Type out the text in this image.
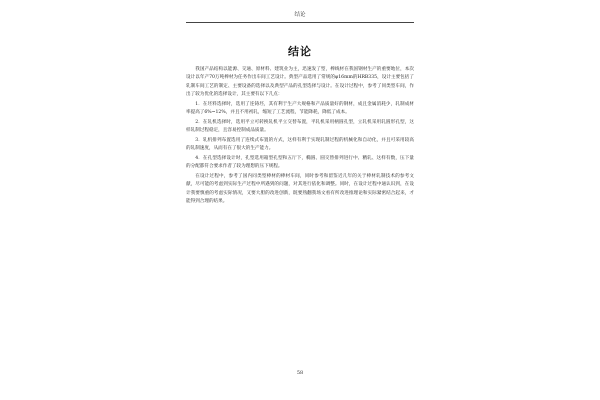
结论
结论

我国产品结构以能源、交通、原材料、建筑业为主，迅速发了型，棒线材在我国钢材生产的重要地位，本次设计以年产70万吨棒材为任务作出车间工艺设计。典型产品选用了常规的φ16mm的HRB335，设计主要包括了轧制车间工艺的制定、主要设备的选择以及典型产品的孔型选择与设计。在设计过程中，参考了同类型车间，作出了较为优化的选择设计，其主要有以下几点：

1．在坯料选择时，选用了连铸坯，其有利于生产大规格和产品质量好的钢材，成且金属消耗少，轧制成材率提高了6%~12%，并且不用初轧，缩短了工艺流程，节能降耗，降低了成本。

2．在轧机选择时，选用平立可转换轧机平立交替布置，平轧机采用柄圆孔型，立轧机采用轧圆形孔型，这样轧制过程稳定，且容易控制成品质量。

3．轧机排列布置选用了连续式布置的方式，这样有利于实现轧制过程的机械化和自动化，并且可采用较高的轧制速度，从而有在了很大的生产能力。

4．在孔型选择设计时，孔型选用箱型孔型和五厅下，椭圆、圆交替排列进行中、精轧、这样有数，压下量的分配都符合要求作者了较为理想的压下规程。

在设计过程中，参考了国内同类型棒材的棒材车间，同时参考和留鉴近几年的关于棒材轧制技术的参考文献，尽可能的考虑到实际生产过程中所遇到的问题，对其进行依化和调整。同时，在设计过程中通认识到，在设计我要慎重的考虑实际情况，又要大胆的改进创新，既要熟翻我场文看有所改进推理论和实际紧密结合起来，才能得到合理的结果。

58
